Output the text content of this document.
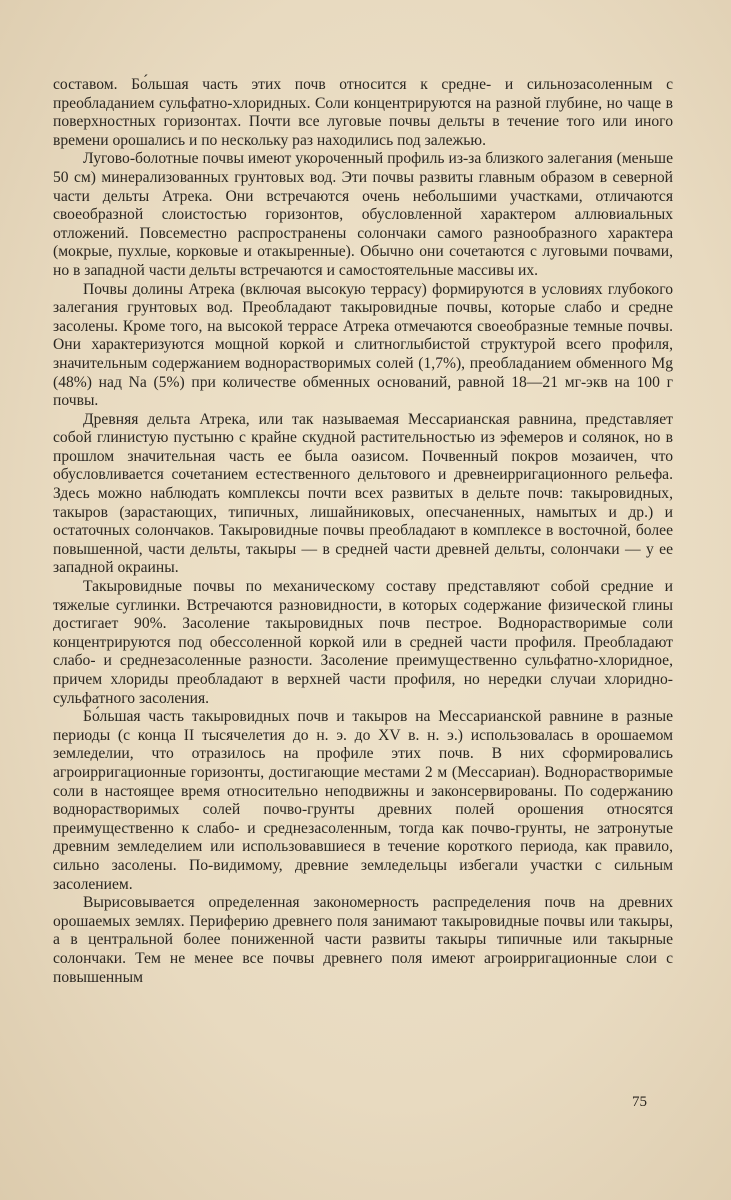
составом. Бо́льшая часть этих почв относится к средне- и сильнозасоленным с преобладанием сульфатно-хлоридных. Соли концентрируются на разной глубине, но чаще в поверхностных горизонтах. Почти все луговые почвы дельты в течение того или иного времени орошались и по нескольку раз находились под залежью.

Лугово-болотные почвы имеют укороченный профиль из-за близкого залегания (меньше 50 см) минерализованных грунтовых вод. Эти почвы развиты главным образом в северной части дельты Атрека. Они встречаются очень небольшими участками, отличаются своеобразной слоистостью горизонтов, обусловленной характером аллювиальных отложений. Повсеместно распространены солончаки самого разнообразного характера (мокрые, пухлые, корковые и отакыренные). Обычно они сочетаются с луговыми почвами, но в западной части дельты встречаются и самостоятельные массивы их.

Почвы долины Атрека (включая высокую террасу) формируются в условиях глубокого залегания грунтовых вод. Преобладают такыровидные почвы, которые слабо и средне засолены. Кроме того, на высокой террасе Атрека отмечаются своеобразные темные почвы. Они характеризуются мощной коркой и слитноглыбистой структурой всего профиля, значительным содержанием воднорастворимых солей (1,7%), преобладанием обменного Mg (48%) над Na (5%) при количестве обменных оснований, равной 18—21 мг-экв на 100 г почвы.

Древняя дельта Атрека, или так называемая Мессарианская равнина, представляет собой глинистую пустыню с крайне скудной растительностью из эфемеров и солянок, но в прошлом значительная часть ее была оазисом. Почвенный покров мозаичен, что обусловливается сочетанием естественного дельтового и древнеирригационного рельефа. Здесь можно наблюдать комплексы почти всех развитых в дельте почв: такыровидных, такыров (зарастающих, типичных, лишайниковых, опесчаненных, намытых и др.) и остаточных солончаков. Такыровидные почвы преобладают в комплексе в восточной, более повышенной, части дельты, такыры — в средней части древней дельты, солончаки — у ее западной окраины.

Такыровидные почвы по механическому составу представляют собой средние и тяжелые суглинки. Встречаются разновидности, в которых содержание физической глины достигает 90%. Засоление такыровидных почв пестрое. Воднорастворимые соли концентрируются под обессоленной коркой или в средней части профиля. Преобладают слабо- и среднезасоленные разности. Засоление преимущественно сульфатно-хлоридное, причем хлориды преобладают в верхней части профиля, но нередки случаи хлоридно-сульфатного засоления.

Бо́льшая часть такыровидных почв и такыров на Мессарианской равнине в разные периоды (с конца II тысячелетия до н. э. до XV в. н. э.) использовалась в орошаемом земледелии, что отразилось на профиле этих почв. В них сформировались агроирригационные горизонты, достигающие местами 2 м (Мессариан). Воднорастворимые соли в настоящее время относительно неподвижны и законсервированы. По содержанию воднорастворимых солей почво-грунты древних полей орошения относятся преимущественно к слабо- и среднезасоленным, тогда как почво-грунты, не затронутые древним земледелием или использовавшиеся в течение короткого периода, как правило, сильно засолены. По-видимому, древние земледельцы избегали участки с сильным засолением.

Вырисовывается определенная закономерность распределения почв на древних орошаемых землях. Периферию древнего поля занимают такыровидные почвы или такыры, а в центральной более пониженной части развиты такыры типичные или такырные солончаки. Тем не менее все почвы древнего поля имеют агроирригационные слои с повышенным

75
